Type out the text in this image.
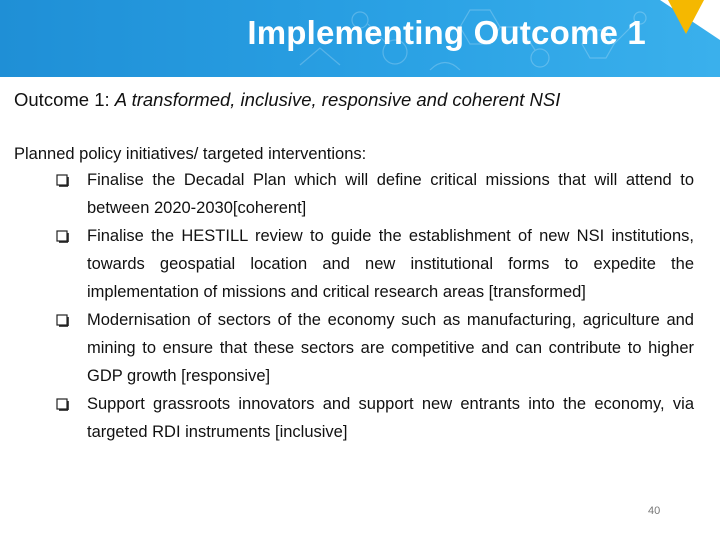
Implementing Outcome 1
Outcome 1: A transformed, inclusive, responsive and coherent NSI
Planned policy initiatives/ targeted interventions:
Finalise the Decadal Plan which will define critical missions that will attend to between 2020-2030[coherent]
Finalise the HESTILL review to guide the establishment of new NSI institutions, towards geospatial location and new institutional forms to expedite the implementation of missions and critical research areas [transformed]
Modernisation of sectors of the economy such as manufacturing, agriculture and mining to ensure that these sectors are competitive and can contribute to higher GDP growth [responsive]
Support grassroots innovators and support new entrants into the economy, via targeted RDI instruments [inclusive]
40
